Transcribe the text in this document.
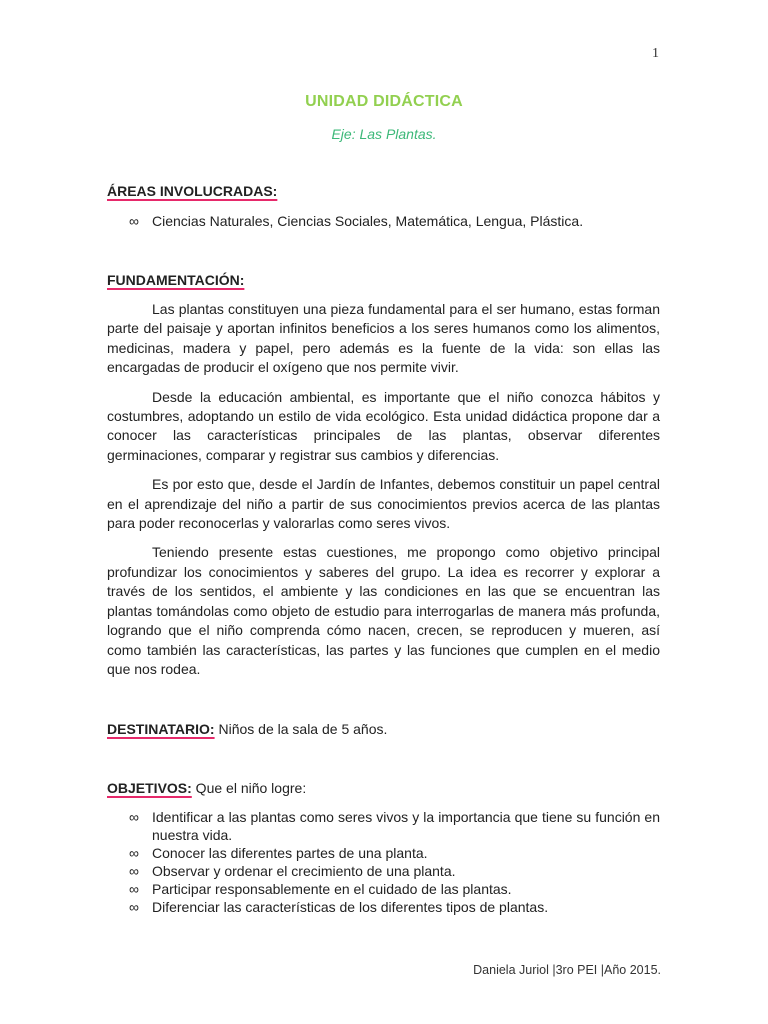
1
UNIDAD DIDÁCTICA
Eje: Las Plantas.
ÁREAS INVOLUCRADAS:
∞ Ciencias Naturales, Ciencias Sociales, Matemática, Lengua, Plástica.
FUNDAMENTACIÓN:

Las plantas constituyen una pieza fundamental para el ser humano, estas forman parte del paisaje y aportan infinitos beneficios a los seres humanos como los alimentos, medicinas, madera y papel, pero además es la fuente de la vida: son ellas las encargadas de producir el oxígeno que nos permite vivir.

Desde la educación ambiental, es importante que el niño conozca hábitos y costumbres, adoptando un estilo de vida ecológico. Esta unidad didáctica propone dar a conocer las características principales de las plantas, observar diferentes germinaciones, comparar y registrar sus cambios y diferencias.

Es por esto que, desde el Jardín de Infantes, debemos constituir un papel central en el aprendizaje del niño a partir de sus conocimientos previos acerca de las plantas para poder reconocerlas y valorarlas como seres vivos.

Teniendo presente estas cuestiones, me propongo como objetivo principal profundizar los conocimientos y saberes del grupo. La idea es recorrer y explorar a través de los sentidos, el ambiente y las condiciones en las que se encuentran las plantas tomándolas como objeto de estudio para interrogarlas de manera más profunda, logrando que el niño comprenda cómo nacen, crecen, se reproducen y mueren, así como también las características, las partes y las funciones que cumplen en el medio que nos rodea.

DESTINATARIO: Niños de la sala de 5 años.
OBJETIVOS: Que el niño logre:
∞ Identificar a las plantas como seres vivos y la importancia que tiene su función en nuestra vida.
∞ Conocer las diferentes partes de una planta.
∞ Observar y ordenar el crecimiento de una planta.
∞ Participar responsablemente en el cuidado de las plantas.
∞ Diferenciar las características de los diferentes tipos de plantas.
Daniela Juriol |3ro PEI |Año 2015.
